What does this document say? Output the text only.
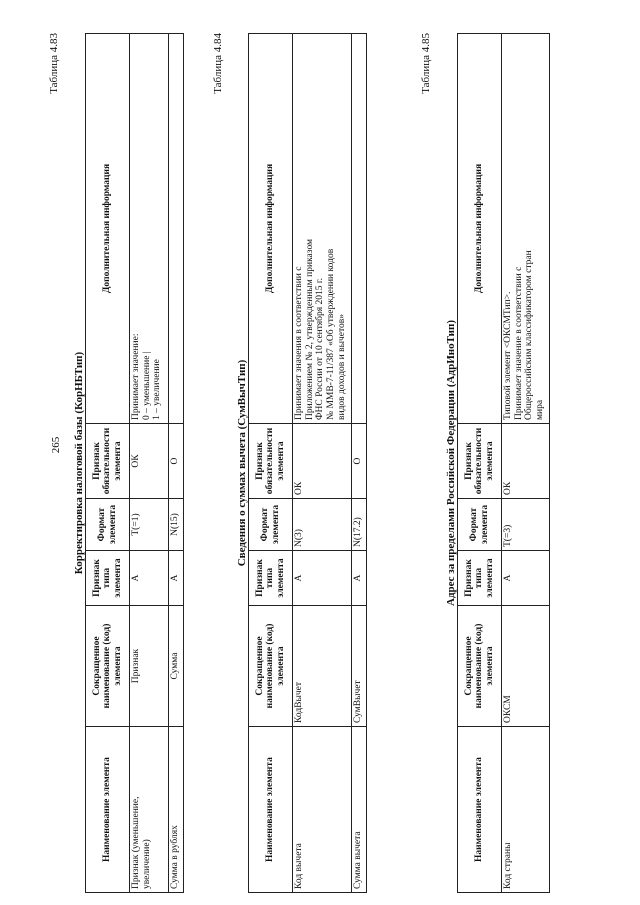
265
Таблица 4.83
Корректировка налоговой базы (КорНБТип)
Наименование элемента	Сокращенное наименование (код) элемента	Признак типа элемента	Формат элемента	Признак обязательности элемента	Дополнительная информация

Признак (уменьшение, увеличение)	Признак	А	T(=1)	ОК	Принимает значение: 0 – уменьшение | 1 – увеличение

Сумма в рублях	Сумма	А	N(15)	О	
Таблица 4.84
Сведения о суммах вычета (СумВычТип)
Наименование элемента	Сокращенное наименование (код) элемента	Признак типа элемента	Формат элемента	Признак обязательности элемента	Дополнительная информация
Код вычета	КодВычет	А	N(3)	ОК	Принимает значения в соответствии с Приложением № 2, утвержденным приказом ФНС России от 10 сентября 2015 г. № ММВ-7-11/387 «Об утверждении кодов видов доходов и вычетов»

Сумма вычета	СумВычет	А	N(17.2)	О	
Таблица 4.85
Адрес за пределами Российской Федерации (АдрИноТип)
Наименование элемента	Сокращенное наименование (код) элемента	Признак типа элемента	Формат элемента	Признак обязательности элемента	Дополнительная информация
Код страны	ОКСМ	А	T(=3)	ОК	Типовой элемент <ОКСМТип>. Принимает значение в соответствии с Общероссийским классификатором стран мира
